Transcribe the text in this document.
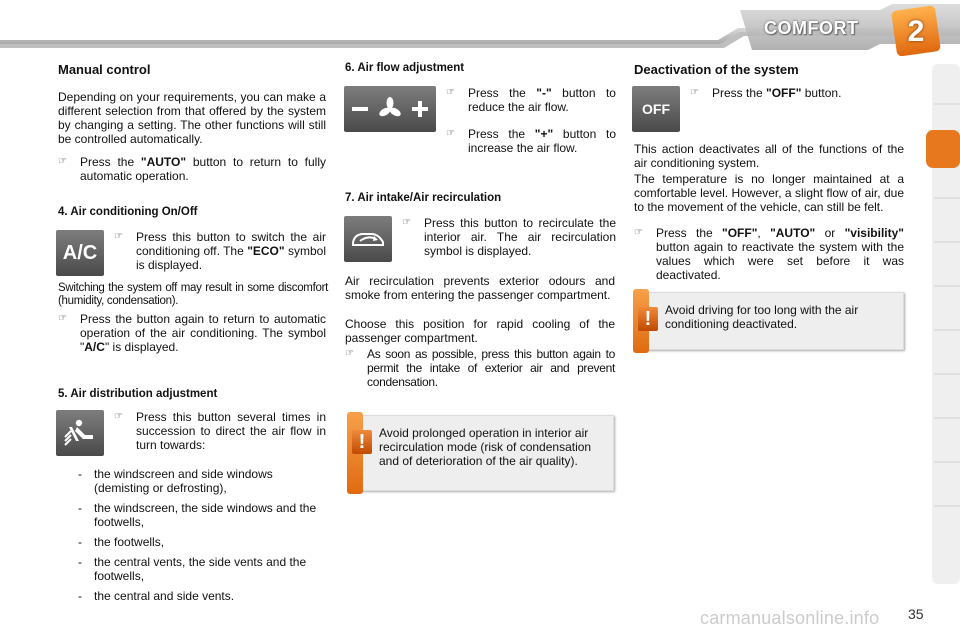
COMFORT	2
Manual control

Depending on your requirements, you can make a different selection from that offered by the system by changing a setting. The other functions will still be controlled automatically.

☞	Press the "AUTO" button to return to fully automatic operation.
4. Air conditioning On/Off
A/C
☞	Press this button to switch the air conditioning off. The "ECO" symbol is displayed.

Switching the system off may result in some discomfort (humidity, condensation).

☞	Press the button again to return to automatic operation of the air conditioning. The symbol "A/C" is displayed.
5. Air distribution adjustment
☞	Press this button several times in succession to direct the air flow in turn towards:
- the windscreen and side windows (demisting or defrosting),
- the windscreen, the side windows and the footwells,
- the footwells,
- the central vents, the side vents and the footwells,
- the central and side vents.
6. Air flow adjustment
☞	Press the "-" button to reduce the air flow.
☞	Press the "+" button to increase the air flow.
7. Air intake/Air recirculation
☞	Press this button to recirculate the interior air. The air recirculation symbol is displayed.

Air recirculation prevents exterior odours and smoke from entering the passenger compartment.

Choose this position for rapid cooling of the passenger compartment.

☞	As soon as possible, press this button again to permit the intake of exterior air and prevent condensation.
!	Avoid prolonged operation in interior air recirculation mode (risk of condensation and of deterioration of the air quality).
Deactivation of the system
OFF
☞	Press the "OFF" button.

This action deactivates all of the functions of the air conditioning system.

The temperature is no longer maintained at a comfortable level. However, a slight flow of air, due to the movement of the vehicle, can still be felt.

☞	Press the "OFF", "AUTO" or "visibility" button again to reactivate the system with the values which were set before it was deactivated.
!	Avoid driving for too long with the air conditioning deactivated.
carmanualsonline.info 35
